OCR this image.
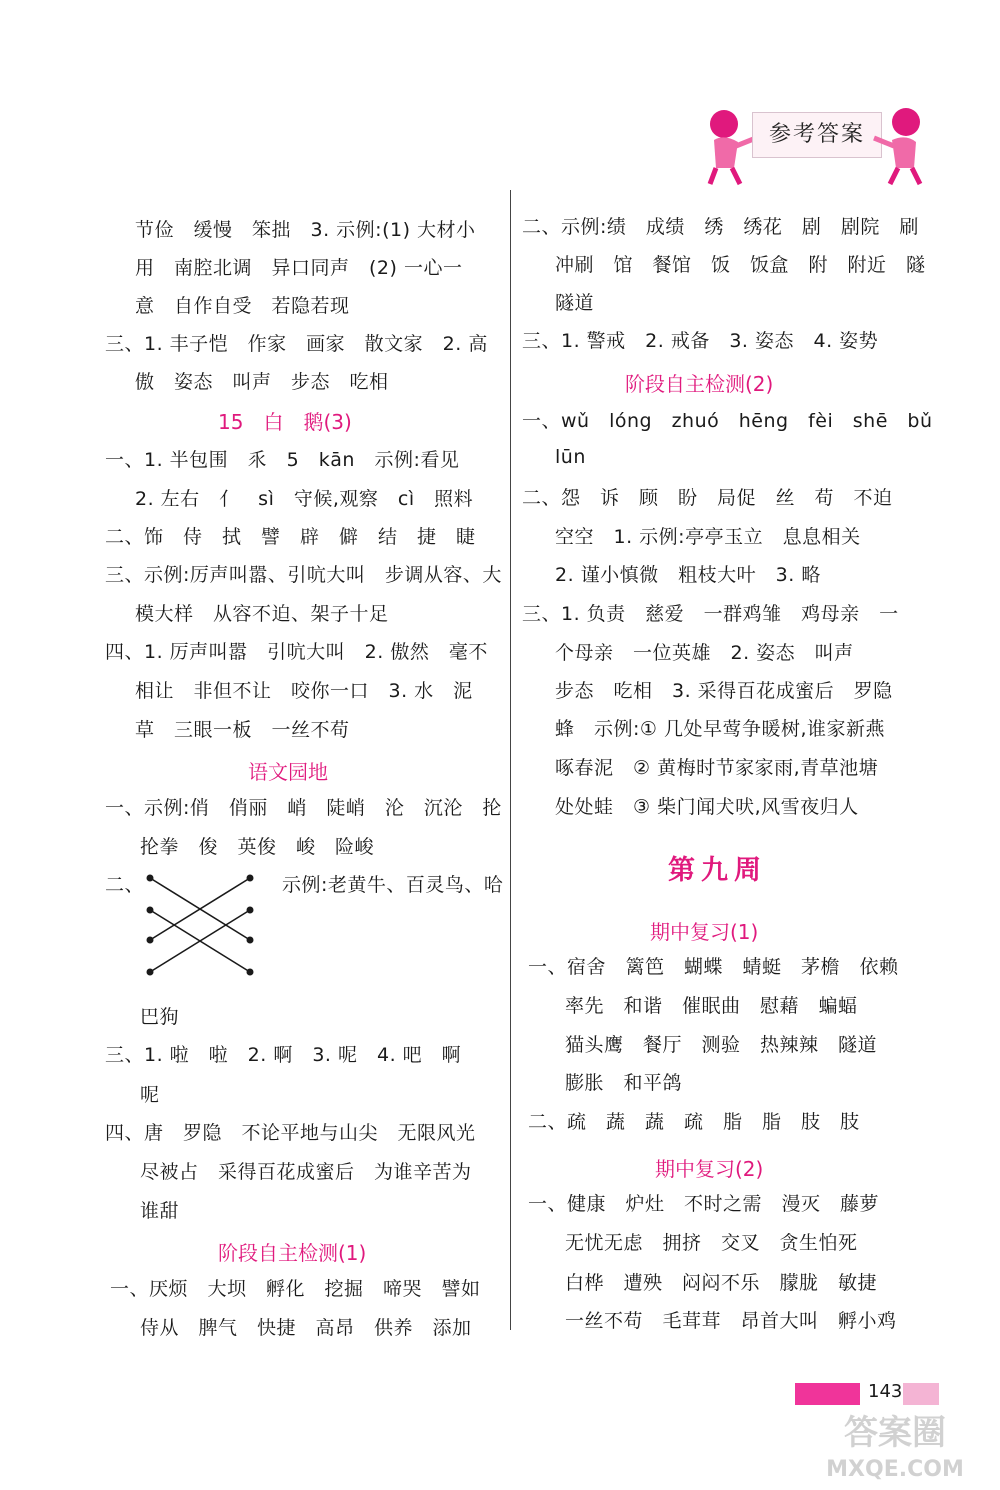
参考答案
节俭　缓慢　笨拙　3. 示例:(1) 大材小
用　南腔北调　异口同声　(2) 一心一
意　自作自受　若隐若现
三、1. 丰子恺　作家　画家　散文家　2. 高
傲　姿态　叫声　步态　吃相
15　白　鹅(3)
一、1. 半包围　乑　5　kān　示例:看见
2. 左右　亻　sì　守候,观察　cì　照料
二、饰　侍　拭　譬　辟　僻　结　捷　睫
三、示例:厉声叫嚣、引吭大叫　步调从容、大
模大样　从容不迫、架子十足
四、1. 厉声叫嚣　引吭大叫　2. 傲然　毫不
相让　非但不让　咬你一口　3. 水　泥
草　三眼一板　一丝不苟
语文园地
一、示例:俏　俏丽　峭　陡峭　沦　沉沦　抡
抡拳　俊　英俊　峻　险峻
二、	示例:老黄牛、百灵鸟、哈
巴狗
三、1. 啦　啦　2. 啊　3. 呢　4. 吧　啊
呢
四、唐　罗隐　不论平地与山尖　无限风光
尽被占　采得百花成蜜后　为谁辛苦为
谁甜
阶段自主检测(1)
一、厌烦　大坝　孵化　挖掘　啼哭　譬如
侍从　脾气　快捷　高昂　供养　添加
二、示例:绩　成绩　绣　绣花　剧　剧院　刷
冲刷　馆　餐馆　饭　饭盒　附　附近　隧
隧道
三、1. 警戒　2. 戒备　3. 姿态　4. 姿势
阶段自主检测(2)
一、wǔ　lóng　zhuó　hēng　fèi　shē　bǔ
lūn
二、怨　诉　顾　盼　局促　丝　苟　不迫
空空　1. 示例:亭亭玉立　息息相关
2. 谨小慎微　粗枝大叶　3. 略
三、1. 负责　慈爱　一群鸡雏　鸡母亲　一
个母亲　一位英雄　2. 姿态　叫声
步态　吃相　3. 采得百花成蜜后　罗隐
蜂　示例:① 几处早莺争暖树,谁家新燕
啄春泥　② 黄梅时节家家雨,青草池塘
处处蛙　③ 柴门闻犬吠,风雪夜归人
第九周
期中复习(1)
一、宿舍　篱笆　蝴蝶　蜻蜓　茅檐　依赖
率先　和谐　催眠曲　慰藉　蝙蝠
猫头鹰　餐厅　测验　热辣辣　隧道
膨胀　和平鸽
二、疏　蔬　蔬　疏　脂　脂　肢　肢
期中复习(2)
一、健康　炉灶　不时之需　漫灭　藤萝
无忧无虑　拥挤　交叉　贪生怕死
白桦　遭殃　闷闷不乐　朦胧　敏捷
一丝不苟　毛茸茸　昂首大叫　孵小鸡
143
答案圈
MXQE.COM
